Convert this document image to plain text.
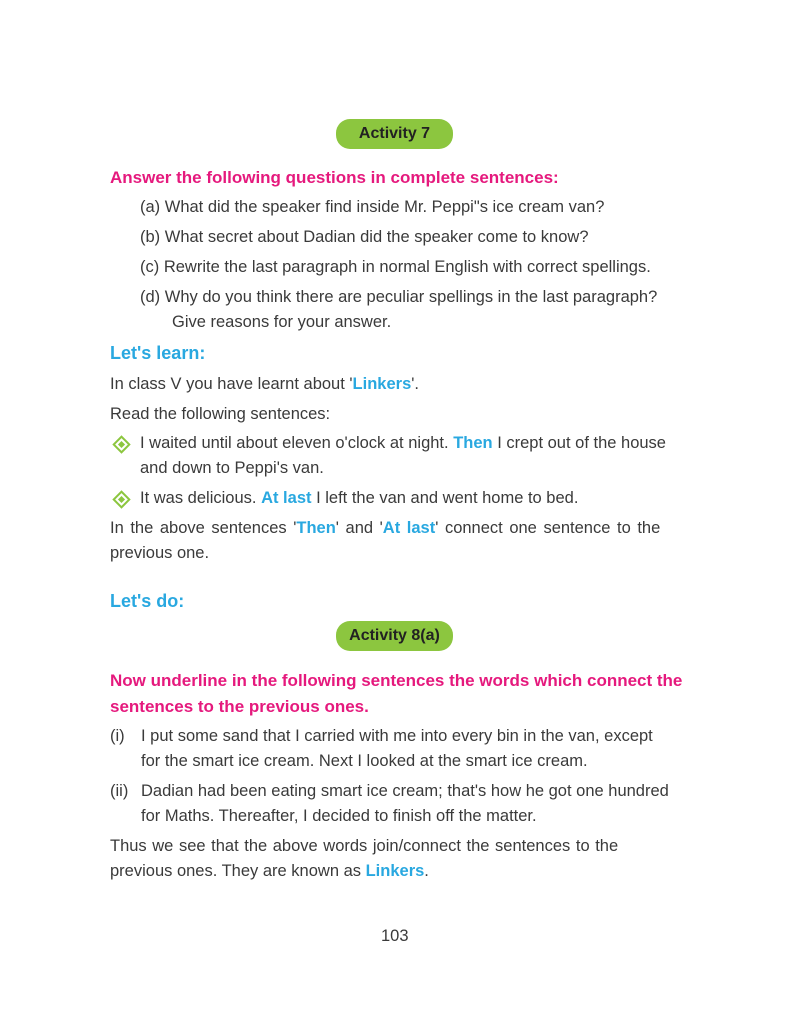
Activity 7
Answer the following questions in complete sentences:
(a) What did the speaker find inside Mr. Peppi"s ice cream van?
(b) What secret about Dadian did the speaker come to know?
(c) Rewrite the last paragraph in normal English with correct spellings.
(d) Why do you think there are peculiar spellings in the last paragraph?
Give reasons for your answer.
Let's learn:
In class V you have learnt about 'Linkers'.
Read the following sentences:
I waited until about eleven o'clock at night. Then I crept out of the house
and down to Peppi's van.
It was delicious. At last I left the van and went home to bed.
In the above sentences 'Then' and 'At last' connect one sentence to the
previous one.
Let's do:
Activity 8(a)
Now underline in the following sentences the words which connect the
sentences to the previous ones.
(i) I put some sand that I carried with me into every bin in the van, except
for the smart ice cream. Next I looked at the smart ice cream.
(ii) Dadian had been eating smart ice cream; that's how he got one hundred
for Maths. Thereafter, I decided to finish off the matter.
Thus we see that the above words join/connect the sentences to the
previous ones. They are known as Linkers.
103
